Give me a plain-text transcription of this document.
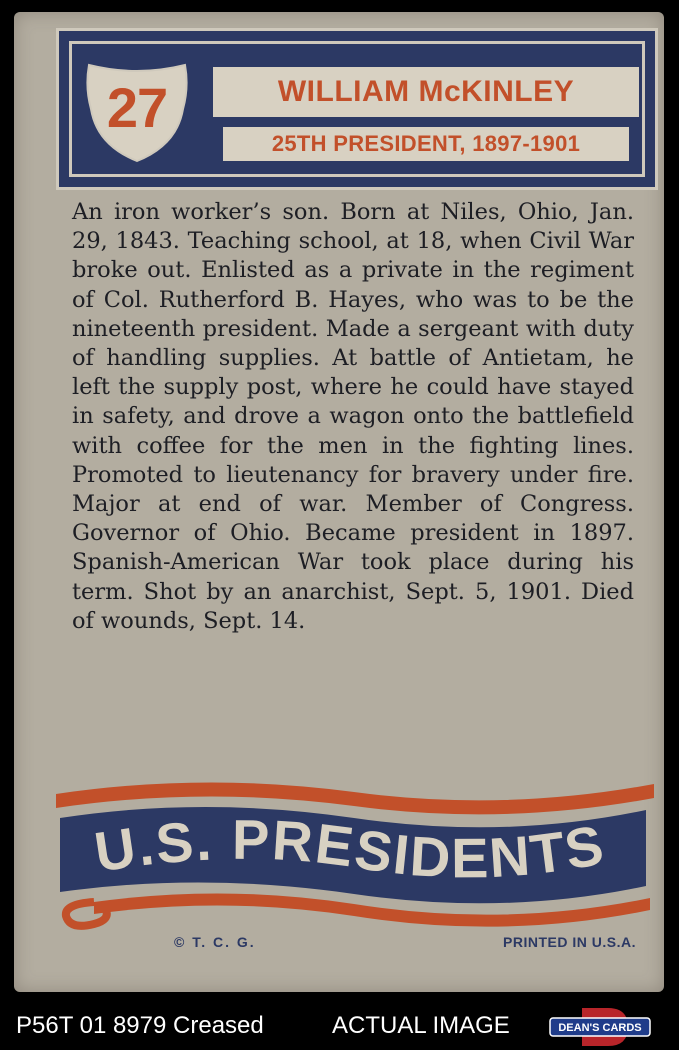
27	WILLIAM McKINLEY
25TH PRESIDENT, 1897-1901
An iron worker’s son. Born at Niles, Ohio, Jan. 29, 1843. Teaching school, at 18, when Civil War broke out. Enlisted as a private in the regiment of Col. Rutherford B. Hayes, who was to be the nineteenth president. Made a sergeant with duty of handling supplies. At battle of Antietam, he left the supply post, where he could have stayed in safety, and drove a wagon onto the battlefield with coffee for the men in the fighting lines. Promoted to lieutenancy for bravery under fire. Major at end of war. Member of Congress. Governor of Ohio. Became president in 1897. Spanish-American War took place during his term. Shot by an anarchist, Sept. 5, 1901. Died of wounds, Sept. 14.
U.S. PRESIDENTS
© T. C. G.	PRINTED IN U.S.A.
P56T 01 8979 Creased	ACTUAL IMAGE	DEAN'S CARDS
